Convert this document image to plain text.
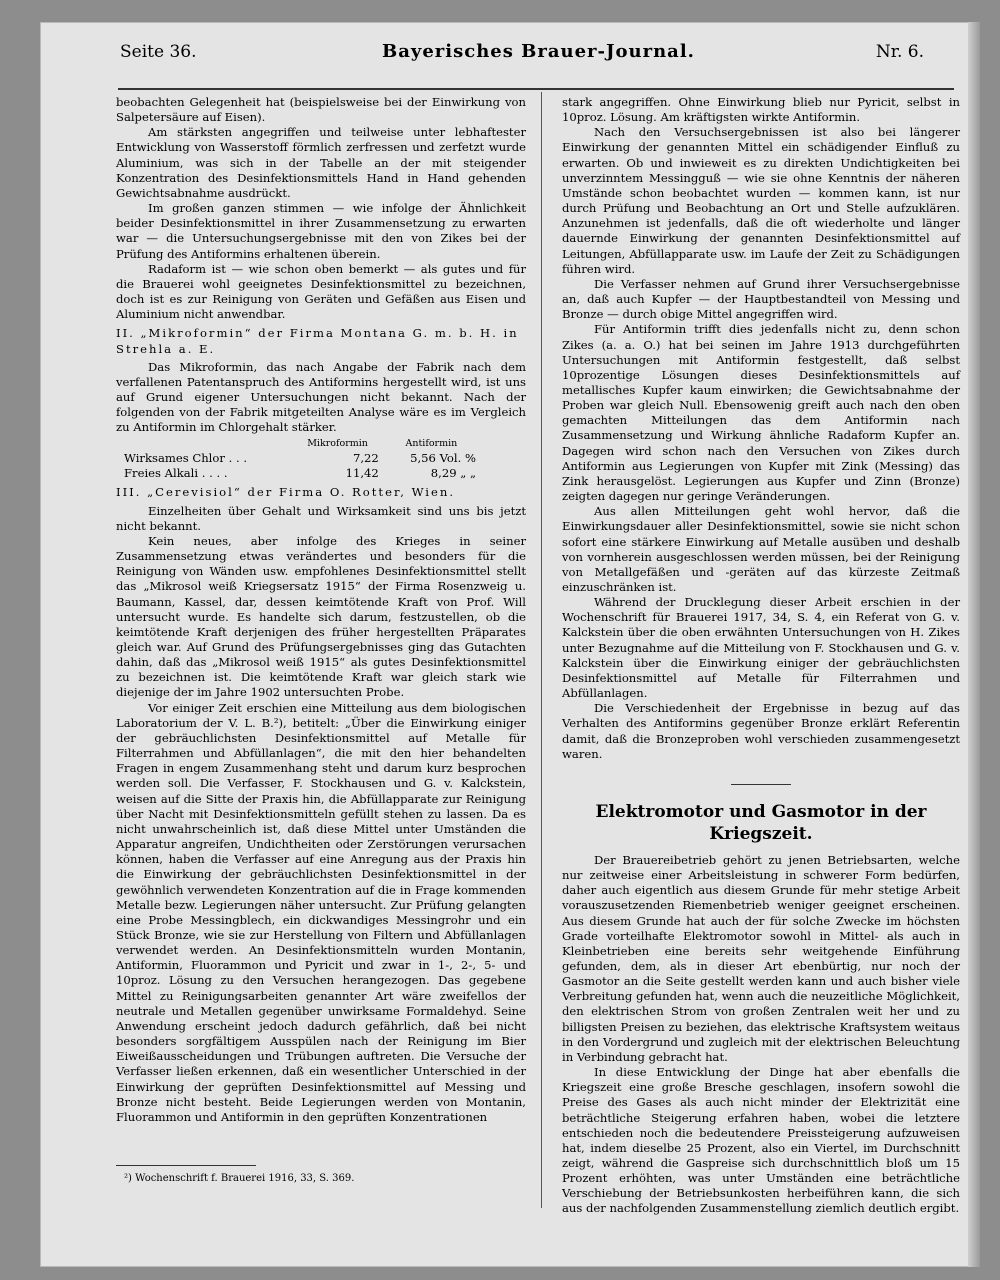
Seite 36.	Bayerisches Brauer-Journal.	Nr. 6.

beobachten Gelegenheit hat (beispielsweise bei der Einwirkung von Salpetersäure auf Eisen).

Am stärksten angegriffen und teilweise unter lebhaftester Entwicklung von Wasserstoff förmlich zerfressen und zerfetzt wurde Aluminium, was sich in der Tabelle an der mit steigender Konzentration des Desinfektionsmittels Hand in Hand gehenden Gewichtsabnahme ausdrückt.

Im großen ganzen stimmen — wie infolge der Ähnlichkeit beider Desinfektionsmittel in ihrer Zusammensetzung zu erwarten war — die Untersuchungsergebnisse mit den von Zikes bei der Prüfung des Antiformins erhaltenen überein.

Radaform ist — wie schon oben bemerkt — als gutes und für die Brauerei wohl geeignetes Desinfektionsmittel zu bezeichnen, doch ist es zur Reinigung von Geräten und Gefäßen aus Eisen und Aluminium nicht anwendbar.

II. „Mikroformin“ der Firma Montana G. m. b. H. in Strehla a. E.

Das Mikroformin, das nach Angabe der Fabrik nach dem verfallenen Patentanspruch des Antiformins hergestellt wird, ist uns auf Grund eigener Untersuchungen nicht bekannt. Nach der folgenden von der Fabrik mitgeteilten Analyse wäre es im Vergleich zu Antiformin im Chlorgehalt stärker.

	Mikroformin	Antiformin
Wirksames Chlor . . .	7,22	5,56 Vol. %
Freies Alkali . . . .	11,42	8,29 „ „

III. „Cerevisiol“ der Firma O. Rotter, Wien.

Einzelheiten über Gehalt und Wirksamkeit sind uns bis jetzt nicht bekannt.

Kein neues, aber infolge des Krieges in seiner Zusammensetzung etwas verändertes und besonders für die Reinigung von Wänden usw. empfohlenes Desinfektionsmittel stellt das „Mikrosol weiß Kriegsersatz 1915“ der Firma Rosenzweig u. Baumann, Kassel, dar, dessen keimtötende Kraft von Prof. Will untersucht wurde. Es handelte sich darum, festzustellen, ob die keimtötende Kraft derjenigen des früher hergestellten Präparates gleich war. Auf Grund des Prüfungsergebnisses ging das Gutachten dahin, daß das „Mikrosol weiß 1915“ als gutes Desinfektionsmittel zu bezeichnen ist. Die keimtötende Kraft war gleich stark wie diejenige der im Jahre 1902 untersuchten Probe.

Vor einiger Zeit erschien eine Mitteilung aus dem biologischen Laboratorium der V. L. B.²), betitelt: „Über die Einwirkung einiger der gebräuchlichsten Desinfektionsmittel auf Metalle für Filterrahmen und Abfüllanlagen“, die mit den hier behandelten Fragen in engem Zusammenhang steht und darum kurz besprochen werden soll. Die Verfasser, F. Stockhausen und G. v. Kalckstein, weisen auf die Sitte der Praxis hin, die Abfüllapparate zur Reinigung über Nacht mit Desinfektionsmitteln gefüllt stehen zu lassen. Da es nicht unwahrscheinlich ist, daß diese Mittel unter Umständen die Apparatur angreifen, Undichtheiten oder Zerstörungen verursachen können, haben die Verfasser auf eine Anregung aus der Praxis hin die Einwirkung der gebräuchlichsten Desinfektionsmittel in der gewöhnlich verwendeten Konzentration auf die in Frage kommenden Metalle bezw. Legierungen näher untersucht. Zur Prüfung gelangten eine Probe Messingblech, ein dickwandiges Messingrohr und ein Stück Bronze, wie sie zur Herstellung von Filtern und Abfüllanlagen verwendet werden. An Desinfektionsmitteln wurden Montanin, Antiformin, Fluorammon und Pyricit und zwar in 1-, 2-, 5- und 10proz. Lösung zu den Versuchen herangezogen. Das gegebene Mittel zu Reinigungsarbeiten genannter Art wäre zweifellos der neutrale und Metallen gegenüber unwirksame Formaldehyd. Seine Anwendung erscheint jedoch dadurch gefährlich, daß bei nicht besonders sorgfältigem Ausspülen nach der Reinigung im Bier Eiweißausscheidungen und Trübungen auftreten. Die Versuche der Verfasser ließen erkennen, daß ein wesentlicher Unterschied in der Einwirkung der geprüften Desinfektionsmittel auf Messing und Bronze nicht besteht. Beide Legierungen werden von Montanin, Fluorammon und Antiformin in den geprüften Konzentrationen

²) Wochenschrift f. Brauerei 1916, 33, S. 369.

stark angegriffen. Ohne Einwirkung blieb nur Pyricit, selbst in 10proz. Lösung. Am kräftigsten wirkte Antiformin.

Nach den Versuchsergebnissen ist also bei längerer Einwirkung der genannten Mittel ein schädigender Einfluß zu erwarten. Ob und inwieweit es zu direkten Undichtigkeiten bei unverzinntem Messingguß — wie sie ohne Kenntnis der näheren Umstände schon beobachtet wurden — kommen kann, ist nur durch Prüfung und Beobachtung an Ort und Stelle aufzuklären. Anzunehmen ist jedenfalls, daß die oft wiederholte und länger dauernde Einwirkung der genannten Desinfektionsmittel auf Leitungen, Abfüllapparate usw. im Laufe der Zeit zu Schädigungen führen wird.

Die Verfasser nehmen auf Grund ihrer Versuchsergebnisse an, daß auch Kupfer — der Hauptbestandteil von Messing und Bronze — durch obige Mittel angegriffen wird.

Für Antiformin trifft dies jedenfalls nicht zu, denn schon Zikes (a. a. O.) hat bei seinen im Jahre 1913 durchgeführten Untersuchungen mit Antiformin festgestellt, daß selbst 10prozentige Lösungen dieses Desinfektionsmittels auf metallisches Kupfer kaum einwirken; die Gewichtsabnahme der Proben war gleich Null. Ebensowenig greift auch nach den oben gemachten Mitteilungen das dem Antiformin nach Zusammensetzung und Wirkung ähnliche Radaform Kupfer an. Dagegen wird schon nach den Versuchen von Zikes durch Antiformin aus Legierungen von Kupfer mit Zink (Messing) das Zink herausgelöst. Legierungen aus Kupfer und Zinn (Bronze) zeigten dagegen nur geringe Veränderungen.

Aus allen Mitteilungen geht wohl hervor, daß die Einwirkungsdauer aller Desinfektionsmittel, sowie sie nicht schon sofort eine stärkere Einwirkung auf Metalle ausüben und deshalb von vornherein ausgeschlossen werden müssen, bei der Reinigung von Metallgefäßen und -geräten auf das kürzeste Zeitmaß einzuschränken ist.

Während der Drucklegung dieser Arbeit erschien in der Wochenschrift für Brauerei 1917, 34, S. 4, ein Referat von G. v. Kalckstein über die oben erwähnten Untersuchungen von H. Zikes unter Bezugnahme auf die Mitteilung von F. Stockhausen und G. v. Kalckstein über die Einwirkung einiger der gebräuchlichsten Desinfektionsmittel auf Metalle für Filterrahmen und Abfüllanlagen.

Die Verschiedenheit der Ergebnisse in bezug auf das Verhalten des Antiformins gegenüber Bronze erklärt Referentin damit, daß die Bronzeproben wohl verschieden zusammengesetzt waren.

Elektromotor und Gasmotor in der Kriegszeit.

Der Brauereibetrieb gehört zu jenen Betriebsarten, welche nur zeitweise einer Arbeitsleistung in schwerer Form bedürfen, daher auch eigentlich aus diesem Grunde für mehr stetige Arbeit vorauszusetzenden Riemenbetrieb weniger geeignet erscheinen. Aus diesem Grunde hat auch der für solche Zwecke im höchsten Grade vorteilhafte Elektromotor sowohl in Mittel- als auch in Kleinbetrieben eine bereits sehr weitgehende Einführung gefunden, dem, als in dieser Art ebenbürtig, nur noch der Gasmotor an die Seite gestellt werden kann und auch bisher viele Verbreitung gefunden hat, wenn auch die neuzeitliche Möglichkeit, den elektrischen Strom von großen Zentralen weit her und zu billigsten Preisen zu beziehen, das elektrische Kraftsystem weitaus in den Vordergrund und zugleich mit der elektrischen Beleuchtung in Verbindung gebracht hat.

In diese Entwicklung der Dinge hat aber ebenfalls die Kriegszeit eine große Bresche geschlagen, insofern sowohl die Preise des Gases als auch nicht minder der Elektrizität eine beträchtliche Steigerung erfahren haben, wobei die letztere entschieden noch die bedeutendere Preissteigerung aufzuweisen hat, indem dieselbe 25 Prozent, also ein Viertel, im Durchschnitt zeigt, während die Gaspreise sich durchschnittlich bloß um 15 Prozent erhöhten, was unter Umständen eine beträchtliche Verschiebung der Betriebsunkosten herbeiführen kann, die sich aus der nachfolgenden Zusammenstellung ziemlich deutlich ergibt.
